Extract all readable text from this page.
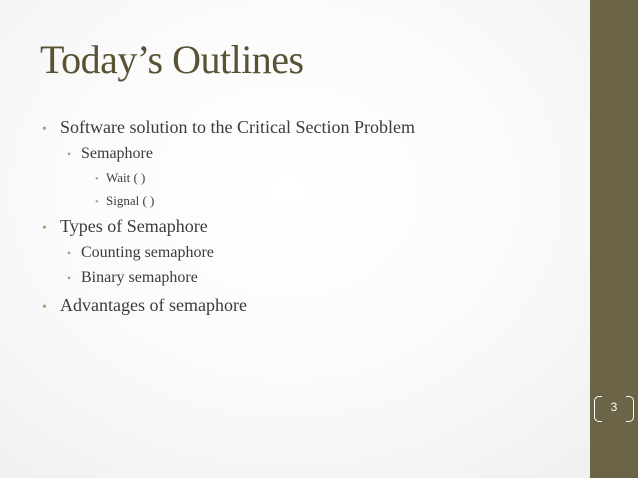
Today’s Outlines
• Software solution to the Critical Section Problem
• Semaphore
• Wait ( )
• Signal ( )
• Types of Semaphore
• Counting semaphore
• Binary semaphore
• Advantages of semaphore
3
